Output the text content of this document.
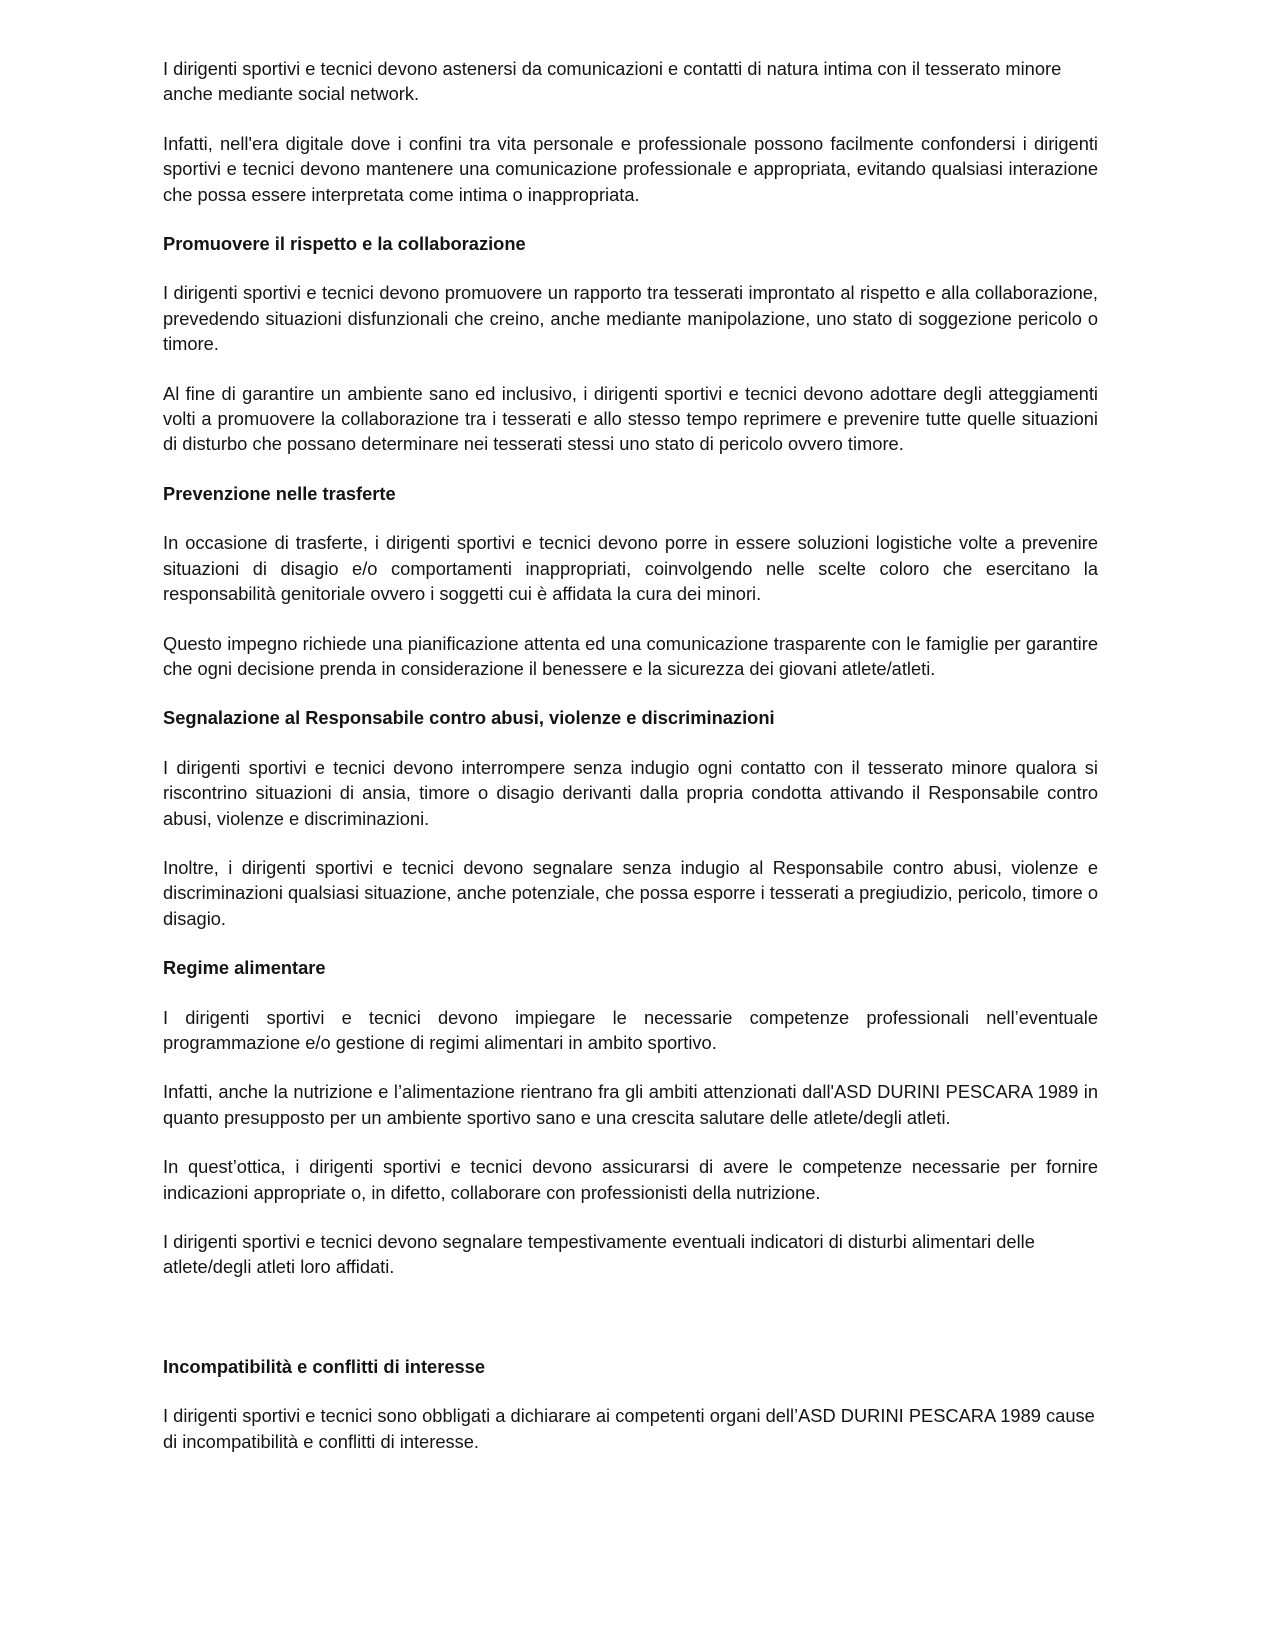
I dirigenti sportivi e tecnici devono astenersi da comunicazioni e contatti di natura intima con il tesserato minore anche mediante social network.

Infatti, nell'era digitale dove i confini tra vita personale e professionale possono facilmente confondersi i dirigenti sportivi e tecnici devono mantenere una comunicazione professionale e appropriata, evitando qualsiasi interazione che possa essere interpretata come intima o inappropriata.

Promuovere il rispetto e la collaborazione

I dirigenti sportivi e tecnici devono promuovere un rapporto tra tesserati improntato al rispetto e alla collaborazione, prevedendo situazioni disfunzionali che creino, anche mediante manipolazione, uno stato di soggezione pericolo o timore.

Al fine di garantire un ambiente sano ed inclusivo, i dirigenti sportivi e tecnici devono adottare degli atteggiamenti volti a promuovere la collaborazione tra i tesserati e allo stesso tempo reprimere e prevenire tutte quelle situazioni di disturbo che possano determinare nei tesserati stessi uno stato di pericolo ovvero timore.

Prevenzione nelle trasferte

In occasione di trasferte, i dirigenti sportivi e tecnici devono porre in essere soluzioni logistiche volte a prevenire situazioni di disagio e/o comportamenti inappropriati, coinvolgendo nelle scelte coloro che esercitano la responsabilità genitoriale ovvero i soggetti cui è affidata la cura dei minori.

Questo impegno richiede una pianificazione attenta ed una comunicazione trasparente con le famiglie per garantire che ogni decisione prenda in considerazione il benessere e la sicurezza dei giovani atlete/atleti.

Segnalazione al Responsabile contro abusi, violenze e discriminazioni

I dirigenti sportivi e tecnici devono interrompere senza indugio ogni contatto con il tesserato minore qualora si riscontrino situazioni di ansia, timore o disagio derivanti dalla propria condotta attivando il Responsabile contro abusi, violenze e discriminazioni.

Inoltre, i dirigenti sportivi e tecnici devono segnalare senza indugio al Responsabile contro abusi, violenze e discriminazioni qualsiasi situazione, anche potenziale, che possa esporre i tesserati a pregiudizio, pericolo, timore o disagio.

Regime alimentare

I dirigenti sportivi e tecnici devono impiegare le necessarie competenze professionali nell’eventuale programmazione e/o gestione di regimi alimentari in ambito sportivo.

Infatti, anche la nutrizione e l’alimentazione rientrano fra gli ambiti attenzionati dall'ASD DURINI PESCARA 1989 in quanto presupposto per un ambiente sportivo sano e una crescita salutare delle atlete/degli atleti.

In quest’ottica, i dirigenti sportivi e tecnici devono assicurarsi di avere le competenze necessarie per fornire indicazioni appropriate o, in difetto, collaborare con professionisti della nutrizione.

I dirigenti sportivi e tecnici devono segnalare tempestivamente eventuali indicatori di disturbi alimentari delle atlete/degli atleti loro affidati.

Incompatibilità e conflitti di interesse

I dirigenti sportivi e tecnici sono obbligati a dichiarare ai competenti organi dell’ASD DURINI PESCARA 1989 cause di incompatibilità e conflitti di interesse.
